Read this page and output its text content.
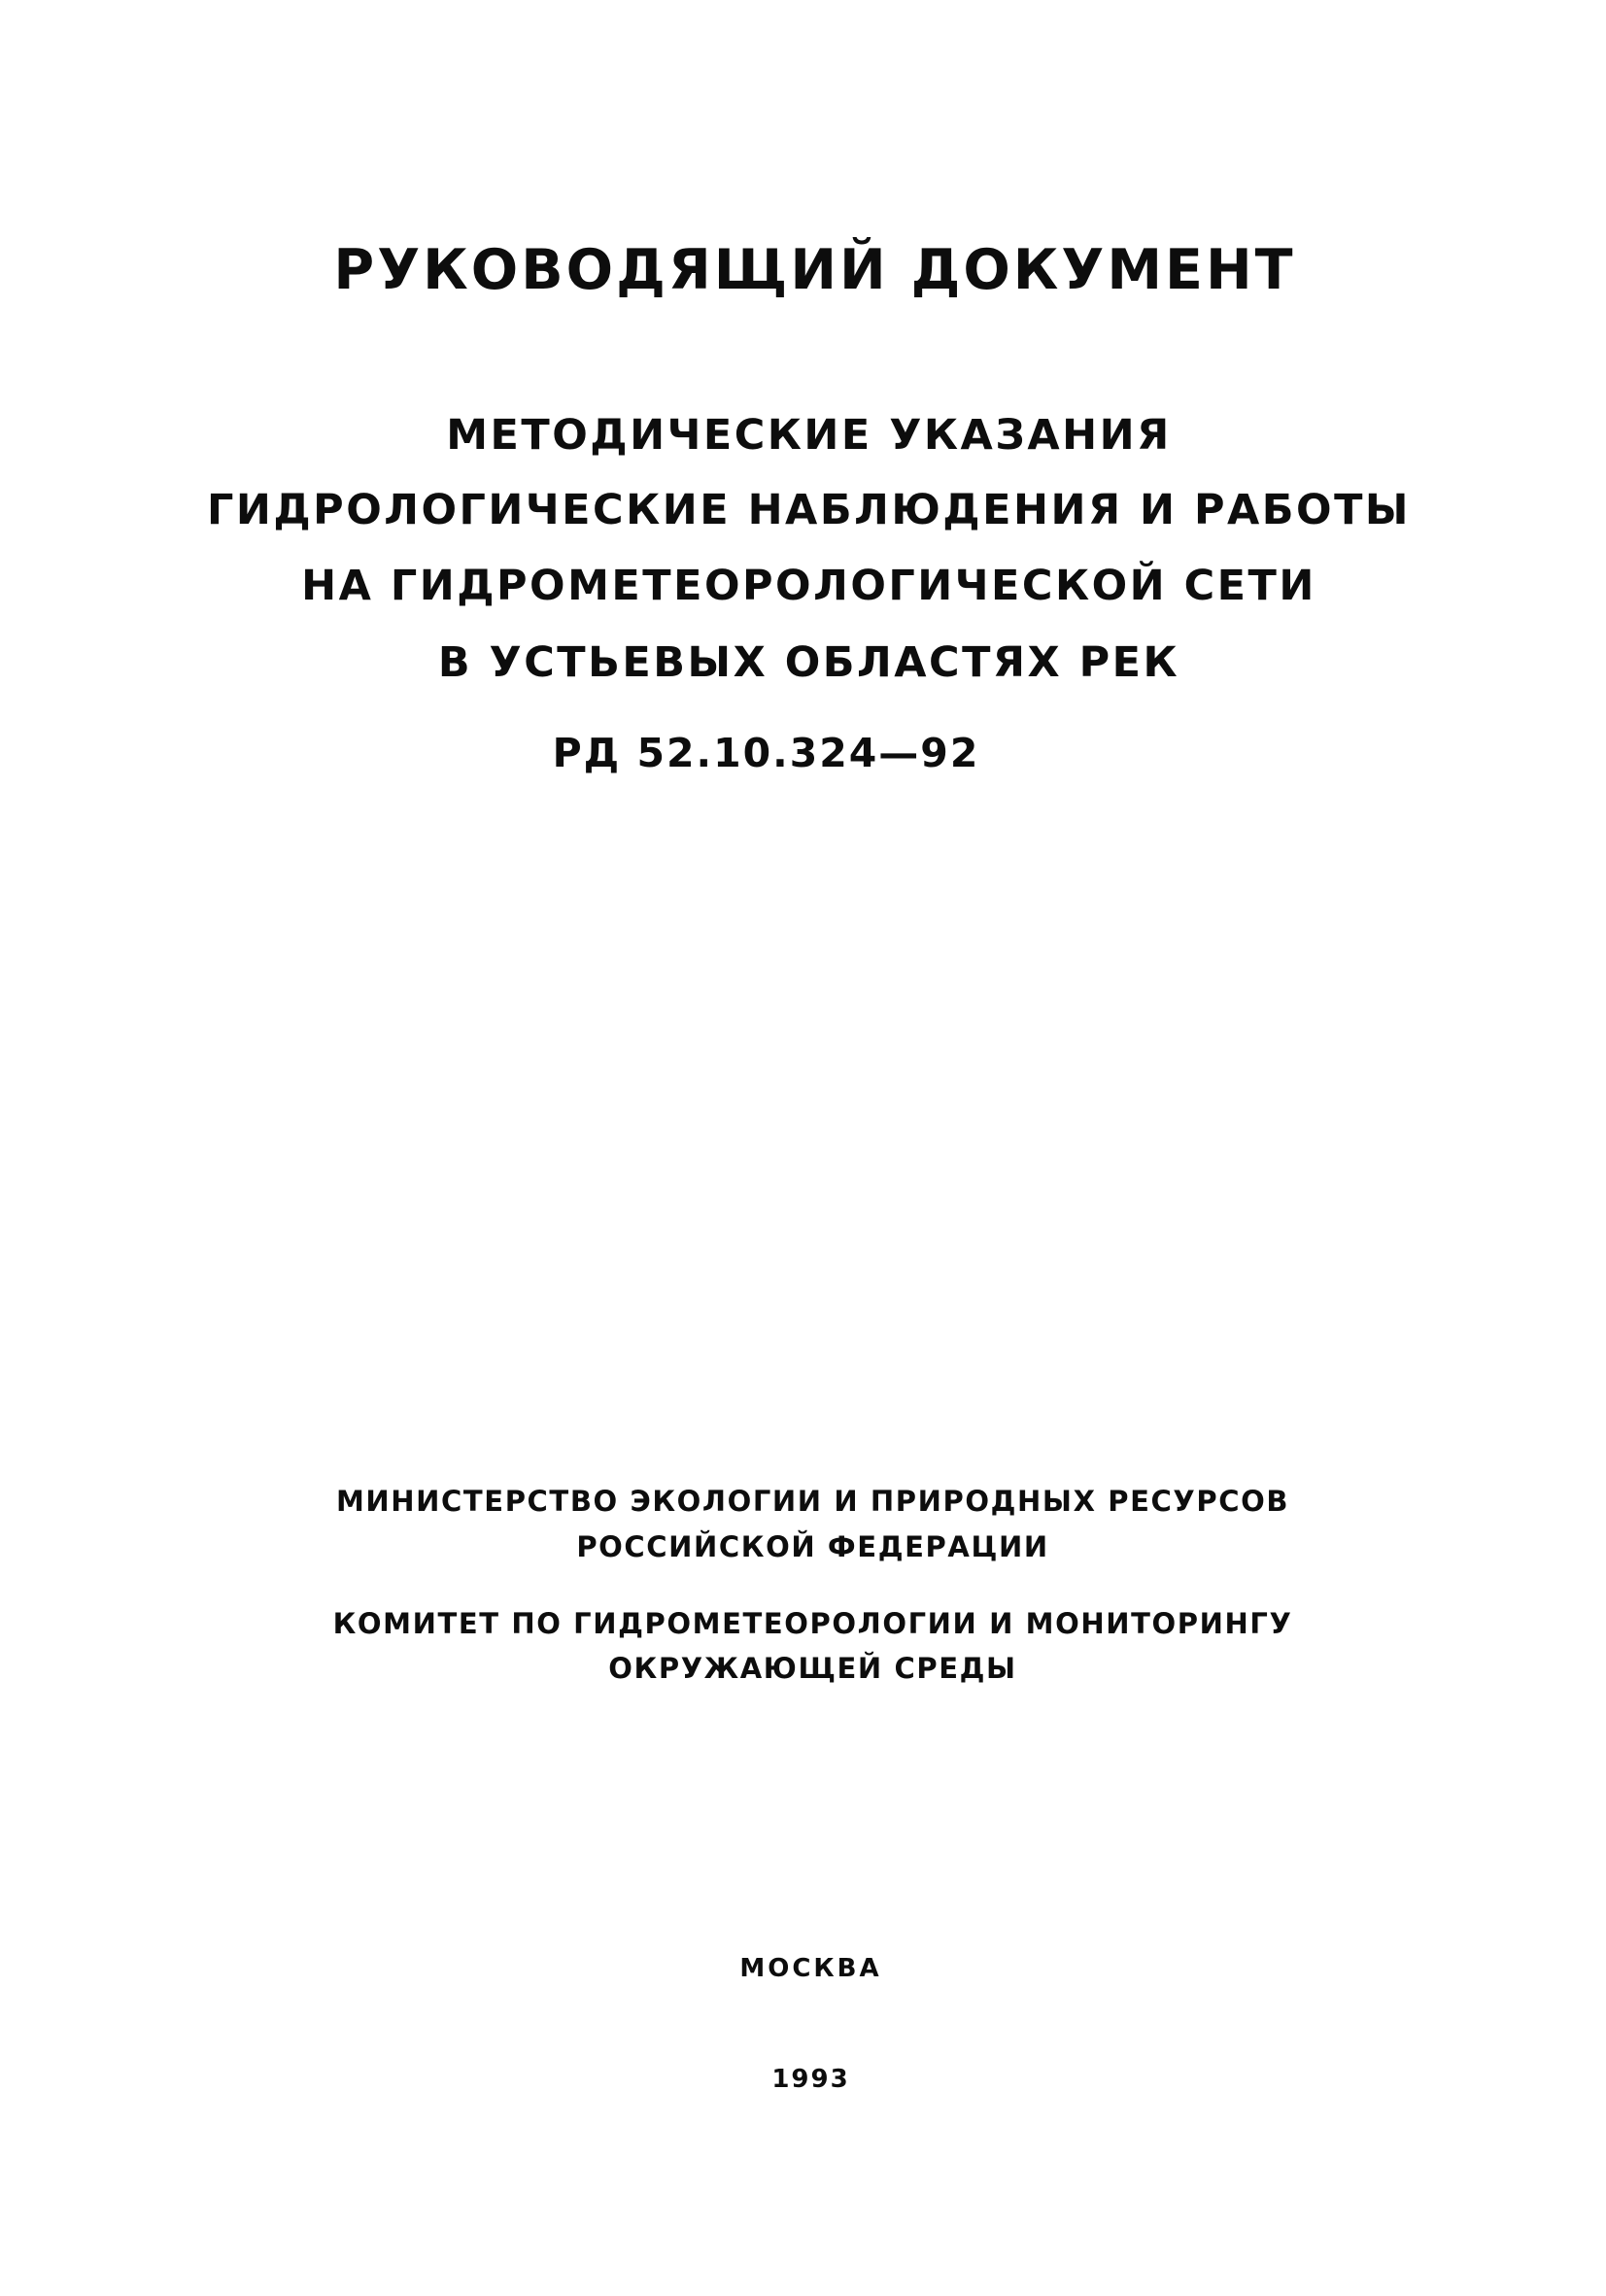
РУКОВОДЯЩИЙ ДОКУМЕНТ
МЕТОДИЧЕСКИЕ УКАЗАНИЯ
ГИДРОЛОГИЧЕСКИЕ НАБЛЮДЕНИЯ И РАБОТЫ
НА ГИДРОМЕТЕОРОЛОГИЧЕСКОЙ СЕТИ
В УСТЬЕВЫХ ОБЛАСТЯХ РЕК
РД 52.10.324—92
МИНИСТЕРСТВО ЭКОЛОГИИ И ПРИРОДНЫХ РЕСУРСОВ
РОССИЙСКОЙ ФЕДЕРАЦИИ
КОМИТЕТ ПО ГИДРОМЕТЕОРОЛОГИИ И МОНИТОРИНГУ
ОКРУЖАЮЩЕЙ СРЕДЫ
МОСКВА
1993
